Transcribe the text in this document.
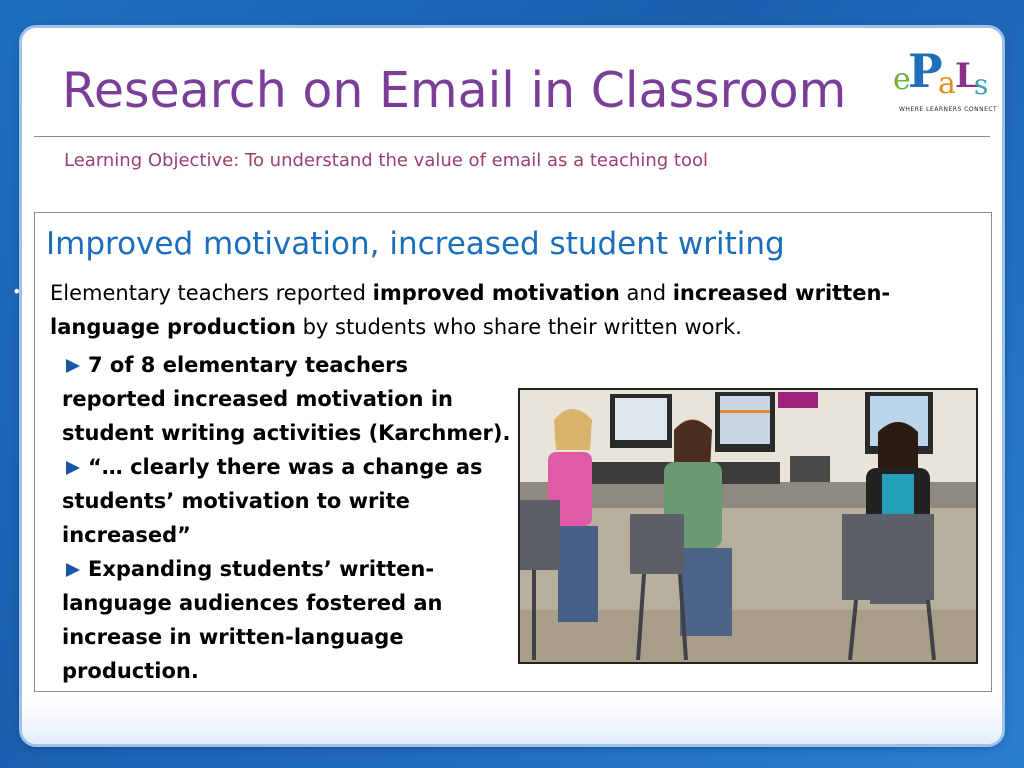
Research on Email in Classroom
Learning Objective: To understand the value of email as a teaching tool
e
P
a L
s
WHERE LEARNERS CONNECT
•
Improved motivation, increased student writing
Elementary teachers reported improved motivation and increased written-language production by students who share their written work.

7 of 8 elementary teachers reported increased motivation in student writing activities (Karchmer).

“… clearly there was a change as students’ motivation to write increased”

Expanding students’ written-language audiences fostered an increase in written-language production.
